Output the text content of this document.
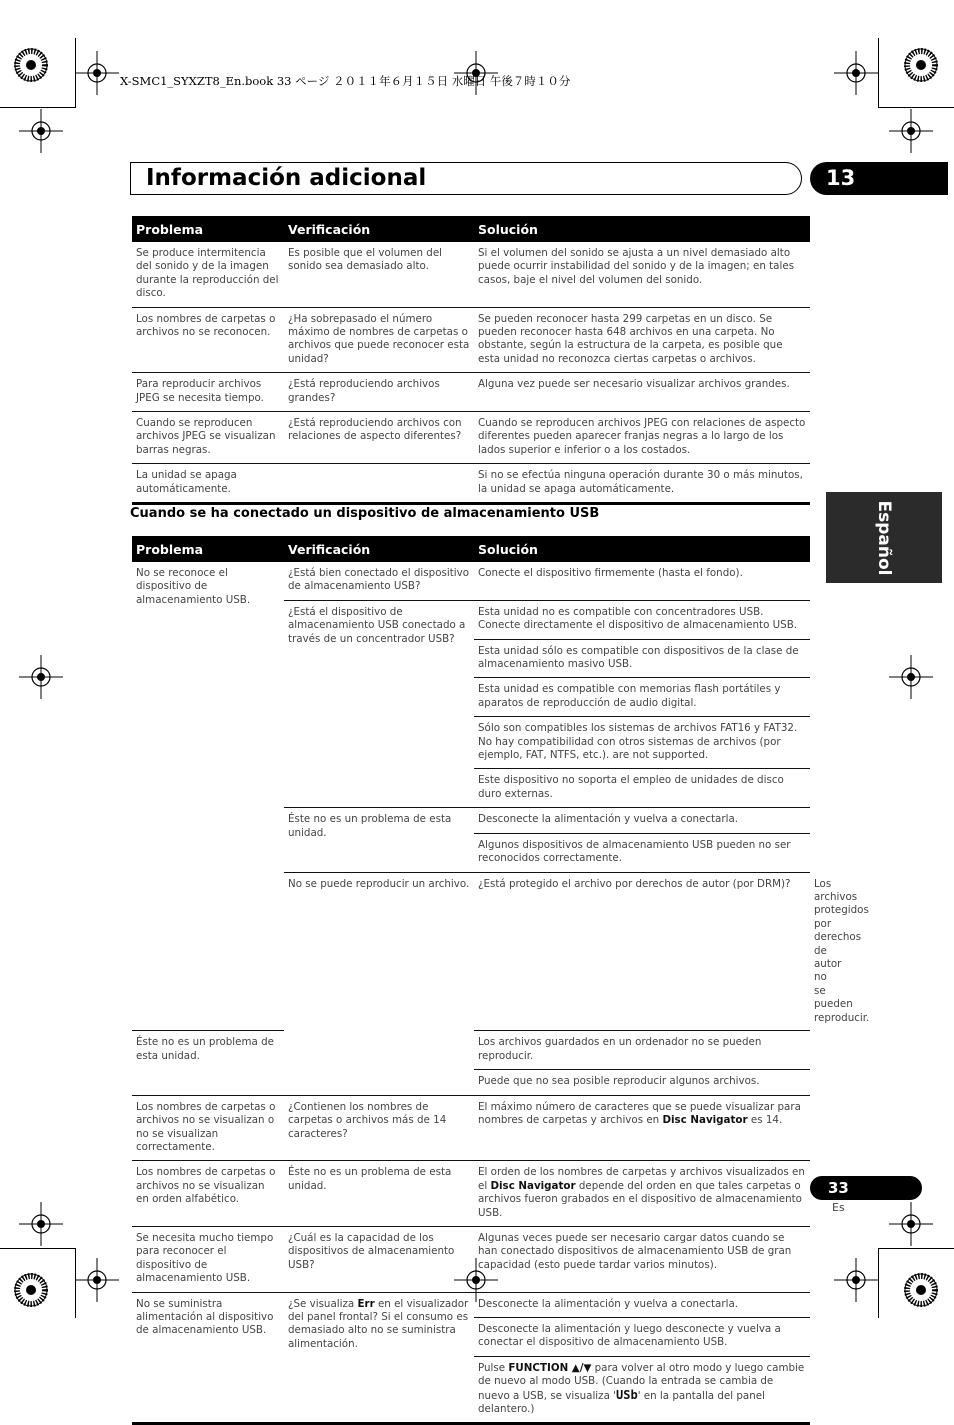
X-SMC1_SYXZT8_En.book 33 ページ ２０１１年６月１５日 水曜日 午後７時１０分
Información adicional	13
Español
Problema	Verificación	Solución
Se produce intermitencia del sonido y de la imagen durante la reproducción del disco.	Es posible que el volumen del sonido sea demasiado alto.	Si el volumen del sonido se ajusta a un nivel demasiado alto puede ocurrir instabilidad del sonido y de la imagen; en tales casos, baje el nivel del volumen del sonido.
Los nombres de carpetas o archivos no se reconocen.	¿Ha sobrepasado el número máximo de nombres de carpetas o archivos que puede reconocer esta unidad?	Se pueden reconocer hasta 299 carpetas en un disco. Se pueden reconocer hasta 648 archivos en una carpeta. No obstante, según la estructura de la carpeta, es posible que esta unidad no reconozca ciertas carpetas o archivos.
Para reproducir archivos JPEG se necesita tiempo.	¿Está reproduciendo archivos grandes?	Alguna vez puede ser necesario visualizar archivos grandes.
Cuando se reproducen archivos JPEG se visualizan barras negras.	¿Está reproduciendo archivos con relaciones de aspecto diferentes?	Cuando se reproducen archivos JPEG con relaciones de aspecto diferentes pueden aparecer franjas negras a lo largo de los lados superior e inferior o a los costados.
La unidad se apaga automáticamente.		Si no se efectúa ninguna operación durante 30 o más minutos, la unidad se apaga automáticamente.
Cuando se ha conectado un dispositivo de almacenamiento USB
Problema	Verificación	Solución	
No se reconoce el dispositivo de almacenamiento USB.	¿Está bien conectado el dispositivo de almacenamiento USB?	Conecte el dispositivo firmemente (hasta el fondo).	
	¿Está el dispositivo de almacenamiento USB conectado a través de un concentrador USB?	Esta unidad no es compatible con concentradores USB. Conecte directamente el dispositivo de almacenamiento USB.	
		Esta unidad sólo es compatible con dispositivos de la clase de almacenamiento masivo USB.	
		Esta unidad es compatible con memorias flash portátiles y aparatos de reproducción de audio digital.	
		Sólo son compatibles los sistemas de archivos FAT16 y FAT32. No hay compatibilidad con otros sistemas de archivos (por ejemplo, FAT, NTFS, etc.). are not supported.	
		Este dispositivo no soporta el empleo de unidades de disco duro externas.	
	Éste no es un problema de esta unidad.	Desconecte la alimentación y vuelva a conectarla.	
		Algunos dispositivos de almacenamiento USB pueden no ser reconocidos correctamente.	
	No se puede reproducir un archivo.	¿Está protegido el archivo por derechos de autor (por DRM)?	Los archivos protegidos por derechos de autor no se pueden reproducir.
Éste no es un problema de esta unidad.		Los archivos guardados en un ordenador no se pueden reproducir.	
		Puede que no sea posible reproducir algunos archivos.	
Los nombres de carpetas o archivos no se visualizan o no se visualizan correctamente.	¿Contienen los nombres de carpetas o archivos más de 14 caracteres?	El máximo número de caracteres que se puede visualizar para nombres de carpetas y archivos en Disc Navigator es 14.	
Los nombres de carpetas o archivos no se visualizan en orden alfabético.	Éste no es un problema de esta unidad.	El orden de los nombres de carpetas y archivos visualizados en el Disc Navigator depende del orden en que tales carpetas o archivos fueron grabados en el dispositivo de almacenamiento USB.	
Se necesita mucho tiempo para reconocer el dispositivo de almacenamiento USB.	¿Cuál es la capacidad de los dispositivos de almacenamiento USB?	Algunas veces puede ser necesario cargar datos cuando se han conectado dispositivos de almacenamiento USB de gran capacidad (esto puede tardar varios minutos).	
No se suministra alimentación al dispositivo de almacenamiento USB.	¿Se visualiza Err en el visualizador del panel frontal? Si el consumo es demasiado alto no se suministra alimentación.	Desconecte la alimentación y vuelva a conectarla.	
		Desconecte la alimentación y luego desconecte y vuelva a conectar el dispositivo de almacenamiento USB.	
		Pulse FUNCTION ▲/▼ para volver al otro modo y luego cambie de nuevo al modo USB. (Cuando la entrada se cambia de nuevo a USB, se visualiza 'USb' en la pantalla del panel delantero.)	
33
Es
